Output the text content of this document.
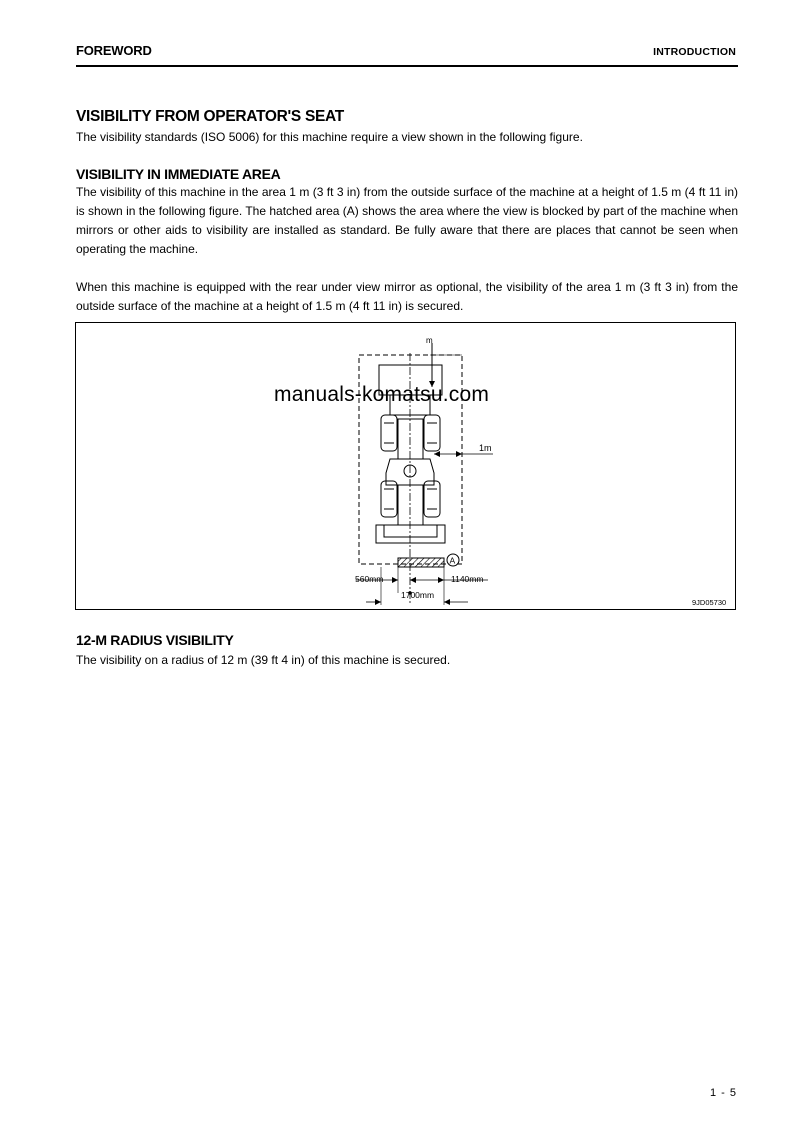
FOREWORD	INTRODUCTION
VISIBILITY FROM OPERATOR'S SEAT

The visibility standards (ISO 5006) for this machine require a view shown in the following figure.

VISIBILITY IN IMMEDIATE AREA

The visibility of this machine in the area 1 m (3 ft 3 in) from the outside surface of the machine at a height of 1.5 m (4 ft 11 in) is shown in the following figure. The hatched area (A) shows the area where the view is blocked by part of the machine when mirrors or other aids to visibility are installed as standard. Be fully aware that there are places that cannot be seen when operating the machine.

When this machine is equipped with the rear under view mirror as optional, the visibility of the area 1 m (3 ft 3 in) from the outside surface of the machine at a height of 1.5 m (4 ft 11 in) is secured.

m
1m
A
560mm	1140mm
1700mm
9JD05730
manuals-komatsu.com
12-M RADIUS VISIBILITY

The visibility on a radius of 12 m (39 ft 4 in) of this machine is secured.

1 - 5
